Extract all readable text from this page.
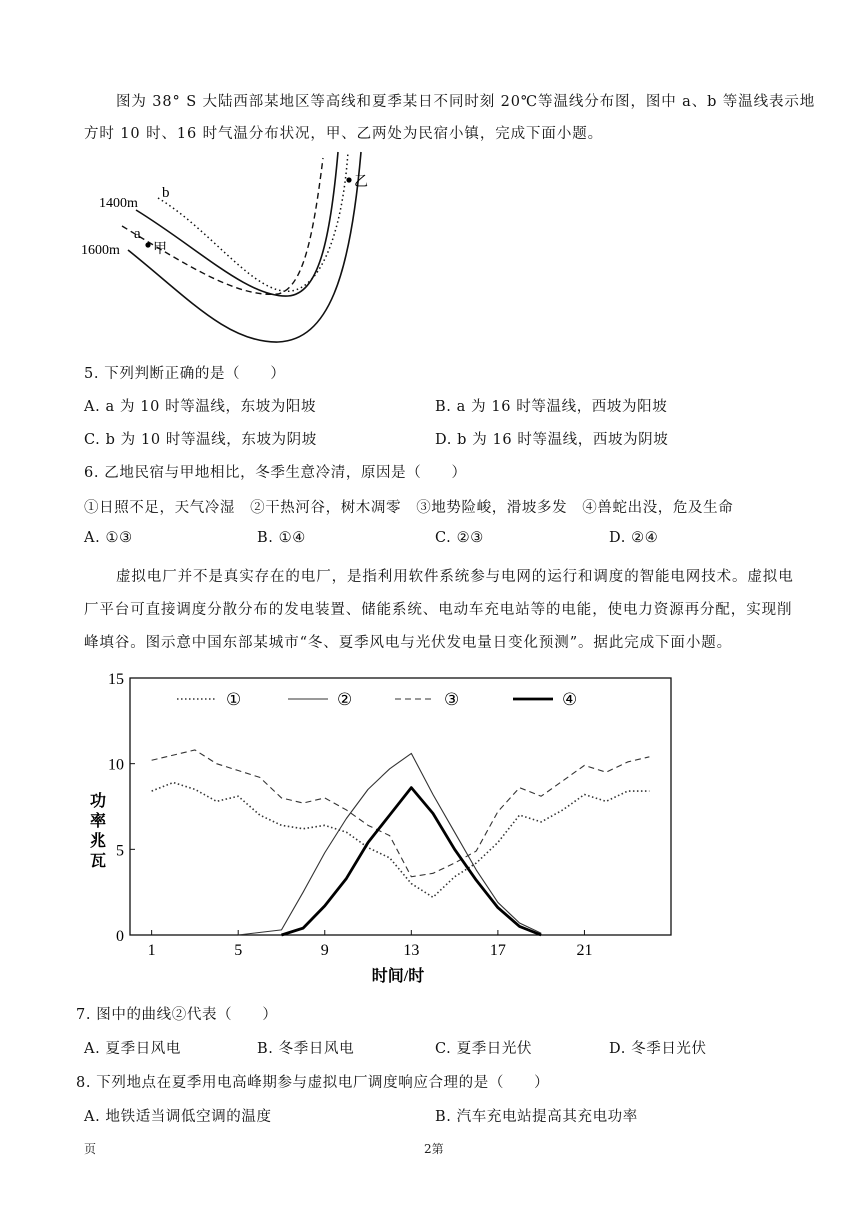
图为 38° S 大陆西部某地区等高线和夏季某日不同时刻 20℃等温线分布图，图中 a、b 等温线表示地
方时 10 时、16 时气温分布状况，甲、乙两处为民宿小镇，完成下面小题。
1400m
1600m
a
b
甲
乙
5. 下列判断正确的是（　　）
A. a 为 10 时等温线，东坡为阳坡	B. a 为 16 时等温线，西坡为阳坡
C. b 为 10 时等温线，东坡为阴坡	D. b 为 16 时等温线，西坡为阴坡
6. 乙地民宿与甲地相比，冬季生意冷清，原因是（　　）
①日照不足，天气冷湿　②干热河谷，树木凋零　③地势险峻，滑坡多发　④兽蛇出没，危及生命
A. ①③	B. ①④	C. ②③	D. ②④
虚拟电厂并不是真实存在的电厂，是指利用软件系统参与电网的运行和调度的智能电网技术。虚拟电
厂平台可直接调度分散分布的发电装置、储能系统、电动车充电站等的电能，使电力资源再分配，实现削
峰填谷。图示意中国东部某城市“冬、夏季风电与光伏发电量日变化预测”。据此完成下面小题。
1	5	9	13	17	21
0
5
10
15
①	②	③	④
时间/时
功
率
兆
瓦
7. 图中的曲线②代表（　　）
A. 夏季日风电	B. 冬季日风电	C. 夏季日光伏	D. 冬季日光伏
8. 下列地点在夏季用电高峰期参与虚拟电厂调度响应合理的是（　　）
A. 地铁适当调低空调的温度	B. 汽车充电站提高其充电功率
页	2第
